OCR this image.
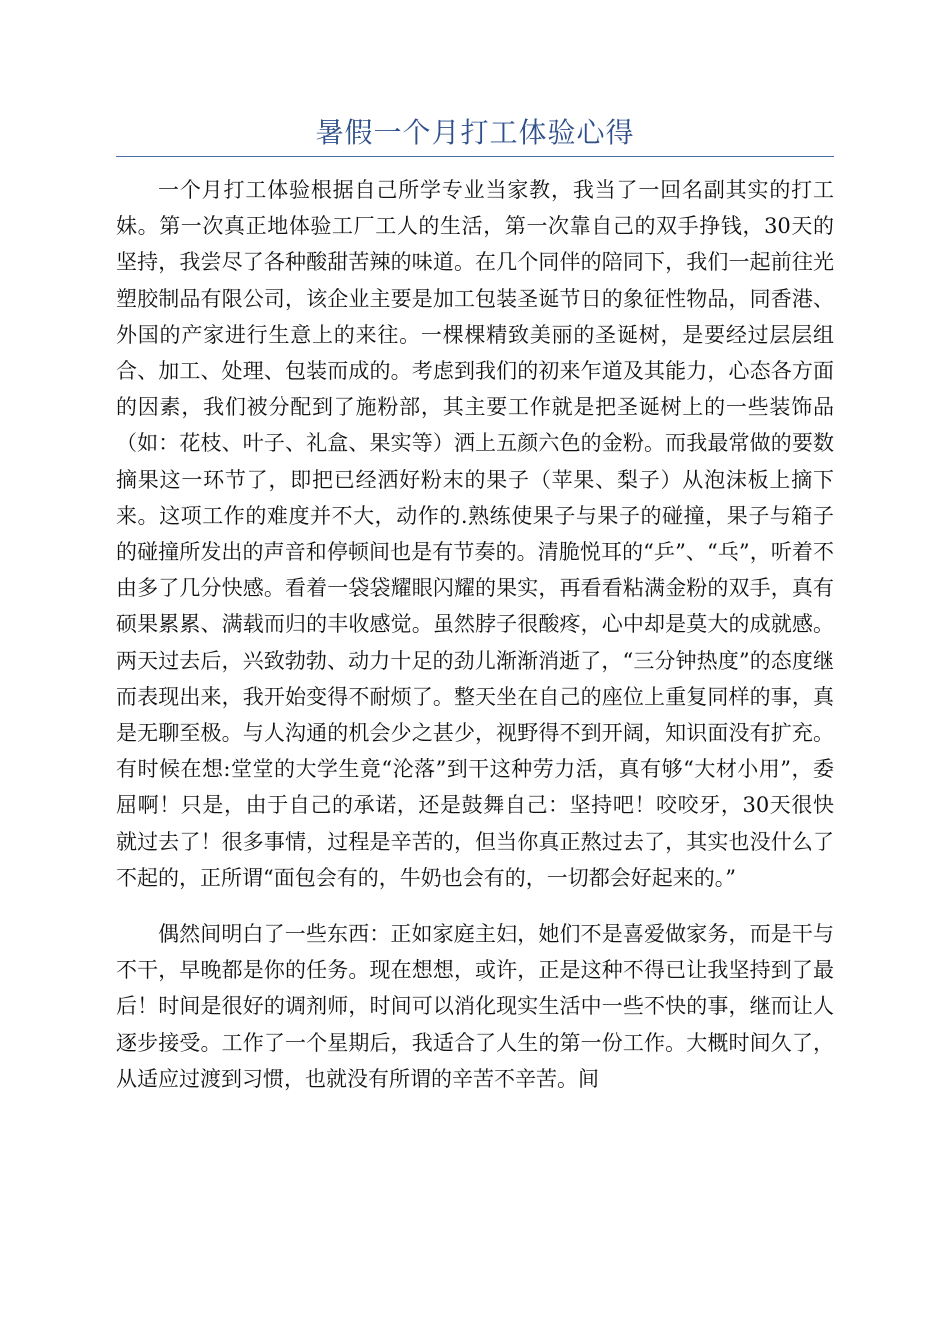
暑假一个月打工体验心得

一个月打工体验根据自己所学专业当家教，我当了一回名副其实的打工妹。第一次真正地体验工厂工人的生活，第一次靠自己的双手挣钱，30天的坚持，我尝尽了各种酸甜苦辣的味道。在几个同伴的陪同下，我们一起前往光塑胶制品有限公司，该企业主要是加工包装圣诞节日的象征性物品，同香港、外国的产家进行生意上的来往。一棵棵精致美丽的圣诞树，是要经过层层组合、加工、处理、包装而成的。考虑到我们的初来乍道及其能力，心态各方面的因素，我们被分配到了施粉部，其主要工作就是把圣诞树上的一些装饰品（如：花枝、叶子、礼盒、果实等）洒上五颜六色的金粉。而我最常做的要数摘果这一环节了，即把已经洒好粉末的果子（苹果、梨子）从泡沫板上摘下来。这项工作的难度并不大，动作的.熟练使果子与果子的碰撞，果子与箱子的碰撞所发出的声音和停顿间也是有节奏的。清脆悦耳的“乒”、“乓”，听着不由多了几分快感。看着一袋袋耀眼闪耀的果实，再看看粘满金粉的双手，真有硕果累累、满载而归的丰收感觉。虽然脖子很酸疼，心中却是莫大的成就感。两天过去后，兴致勃勃、动力十足的劲儿渐渐消逝了，“三分钟热度”的态度继而表现出来，我开始变得不耐烦了。整天坐在自己的座位上重复同样的事，真是无聊至极。与人沟通的机会少之甚少，视野得不到开阔，知识面没有扩充。有时候在想:堂堂的大学生竟“沦落”到干这种劳力活，真有够“大材小用”，委屈啊！只是，由于自己的承诺，还是鼓舞自己：坚持吧！咬咬牙，30天很快就过去了！很多事情，过程是辛苦的，但当你真正熬过去了，其实也没什么了不起的，正所谓“面包会有的，牛奶也会有的，一切都会好起来的。”

偶然间明白了一些东西：正如家庭主妇，她们不是喜爱做家务，而是干与不干，早晚都是你的任务。现在想想，或许，正是这种不得已让我坚持到了最后！时间是很好的调剂师，时间可以消化现实生活中一些不快的事，继而让人逐步接受。工作了一个星期后，我适合了人生的第一份工作。大概时间久了，从适应过渡到习惯，也就没有所谓的辛苦不辛苦。间
